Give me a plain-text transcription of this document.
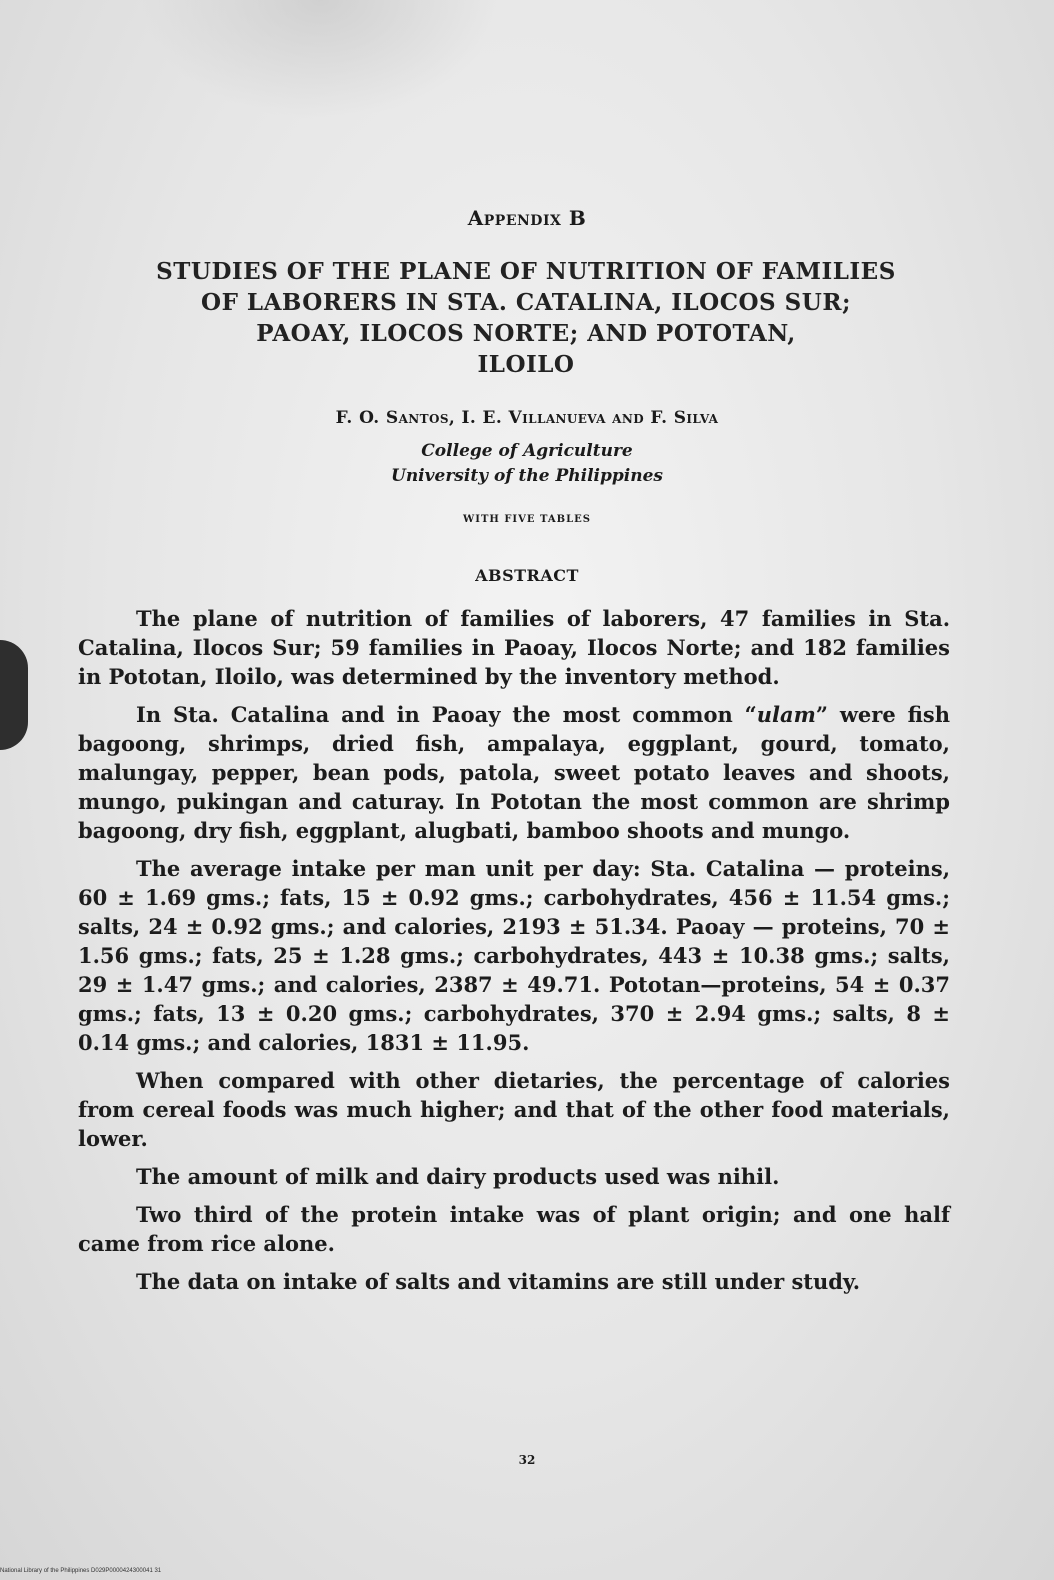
Appendix B
STUDIES OF THE PLANE OF NUTRITION OF FAMILIES
OF LABORERS IN STA. CATALINA, ILOCOS SUR;
PAOAY, ILOCOS NORTE; AND POTOTAN,
ILOILO
F. O. Santos, I. E. Villanueva and F. Silva
College of Agriculture
University of the Philippines
WITH FIVE TABLES
ABSTRACT

The plane of nutrition of families of laborers, 47 families in Sta. Catalina, Ilocos Sur; 59 families in Paoay, Ilocos Norte; and 182 families in Pototan, Iloilo, was determined by the inventory method.

In Sta. Catalina and in Paoay the most common “ulam” were fish bagoong, shrimps, dried fish, ampalaya, eggplant, gourd, tomato, malungay, pepper, bean pods, patola, sweet potato leaves and shoots, mungo, pukingan and caturay. In Pototan the most common are shrimp bagoong, dry fish, eggplant, alugbati, bamboo shoots and mungo.

The average intake per man unit per day: Sta. Catalina — proteins, 60 ± 1.69 gms.; fats, 15 ± 0.92 gms.; carbohydrates, 456 ± 11.54 gms.; salts, 24 ± 0.92 gms.; and calories, 2193 ± 51.34. Paoay — proteins, 70 ± 1.56 gms.; fats, 25 ± 1.28 gms.; carbohydrates, 443 ± 10.38 gms.; salts, 29 ± 1.47 gms.; and calories, 2387 ± 49.71. Pototan—proteins, 54 ± 0.37 gms.; fats, 13 ± 0.20 gms.; carbohydrates, 370 ± 2.94 gms.; salts, 8 ± 0.14 gms.; and calories, 1831 ± 11.95.

When compared with other dietaries, the percentage of calories from cereal foods was much higher; and that of the other food materials, lower.

The amount of milk and dairy products used was nihil.

Two third of the protein intake was of plant origin; and one half came from rice alone.

The data on intake of salts and vitamins are still under study.

32
National Library of the Philippines D029P0000424300041 31
